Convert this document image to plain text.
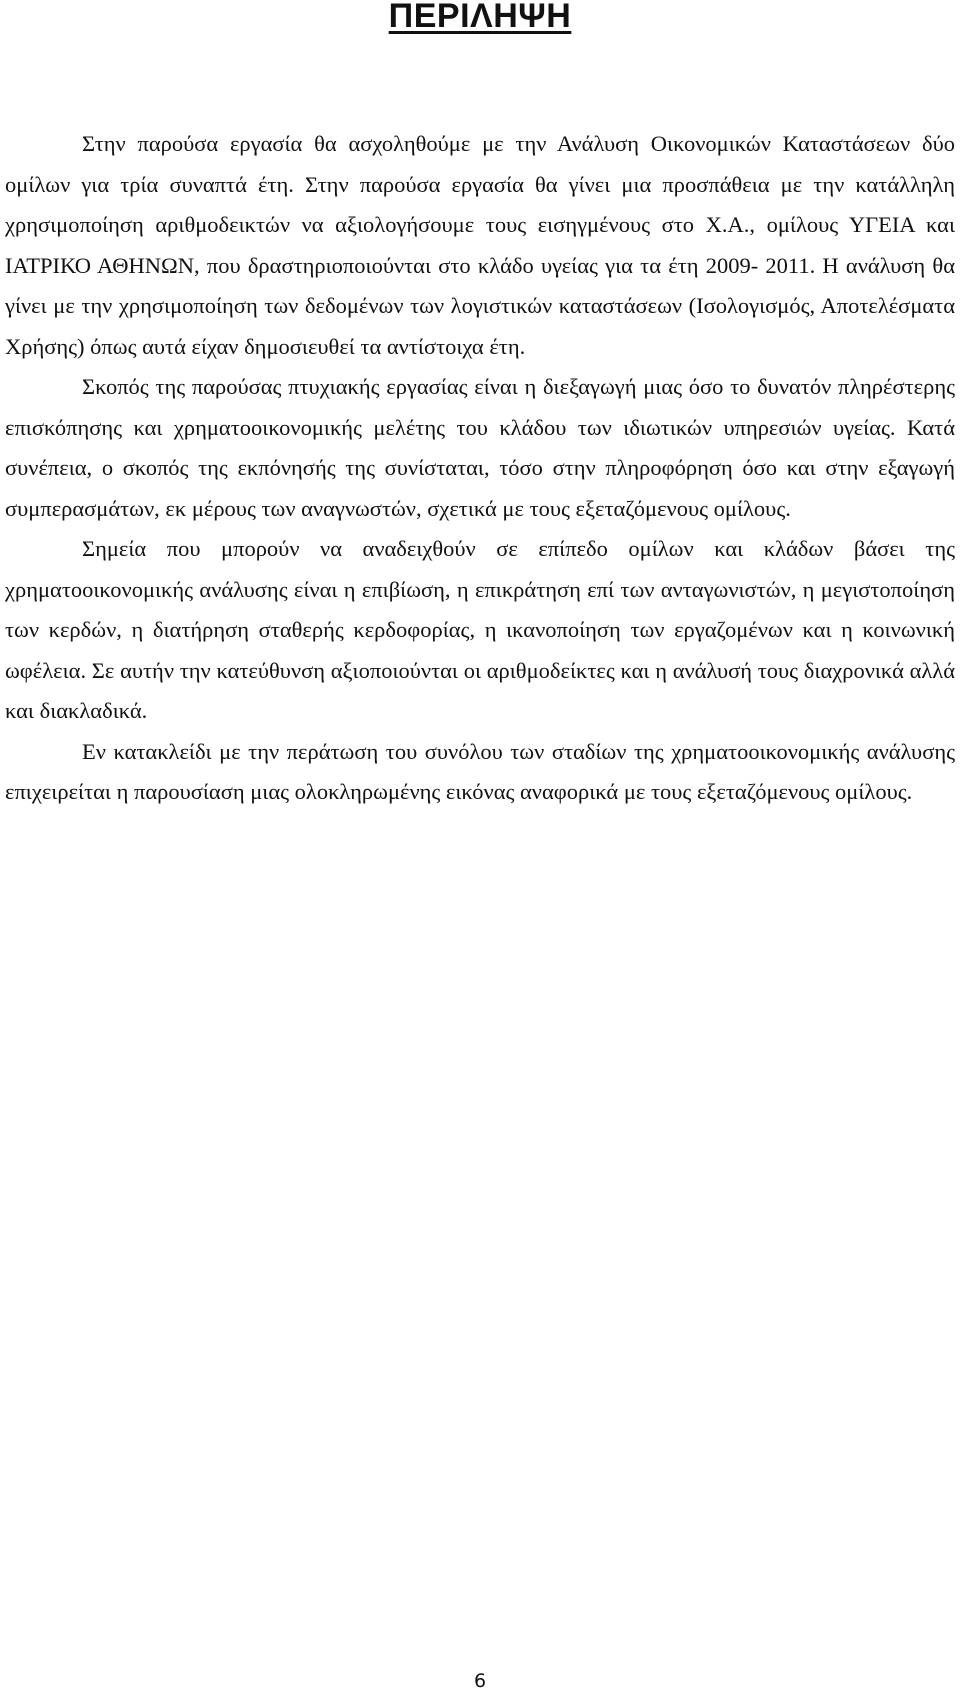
ΠΕΡΙΛΗΨΗ

Στην παρούσα εργασία θα ασχοληθούμε με την Ανάλυση Οικονομικών Καταστάσεων δύο ομίλων για τρία συναπτά έτη. Στην παρούσα εργασία θα γίνει μια προσπάθεια με την κατάλληλη χρησιμοποίηση αριθμοδεικτών να αξιολογήσουμε τους εισηγμένους στο Χ.Α., ομίλους ΥΓΕΙΑ και ΙΑΤΡΙΚΟ ΑΘΗΝΩΝ, που δραστηριοποιούνται στο κλάδο υγείας για τα έτη 2009- 2011. Η ανάλυση θα γίνει με την χρησιμοποίηση των δεδομένων των λογιστικών καταστάσεων (Ισολογισμός, Αποτελέσματα Χρήσης) όπως αυτά είχαν δημοσιευθεί τα αντίστοιχα έτη.

Σκοπός της παρούσας πτυχιακής εργασίας είναι η διεξαγωγή μιας όσο το δυνατόν πληρέστερης επισκόπησης και χρηματοοικονομικής μελέτης του κλάδου των ιδιωτικών υπηρεσιών υγείας. Κατά συνέπεια, ο σκοπός της εκπόνησής της συνίσταται, τόσο στην πληροφόρηση όσο και στην εξαγωγή συμπερασμάτων, εκ μέρους των αναγνωστών, σχετικά με τους εξεταζόμενους ομίλους.

Σημεία που μπορούν να αναδειχθούν σε επίπεδο ομίλων και κλάδων βάσει της χρηματοοικονομικής ανάλυσης είναι η επιβίωση, η επικράτηση επί των ανταγωνιστών, η μεγιστοποίηση των κερδών, η διατήρηση σταθερής κερδοφορίας, η ικανοποίηση των εργαζομένων και η κοινωνική ωφέλεια. Σε αυτήν την κατεύθυνση αξιοποιούνται οι αριθμοδείκτες και η ανάλυσή τους διαχρονικά αλλά και διακλαδικά.

Εν κατακλείδι με την περάτωση του συνόλου των σταδίων της χρηματοοικονομικής ανάλυσης επιχειρείται η παρουσίαση μιας ολοκληρωμένης εικόνας αναφορικά με τους εξεταζόμενους ομίλους.

6
